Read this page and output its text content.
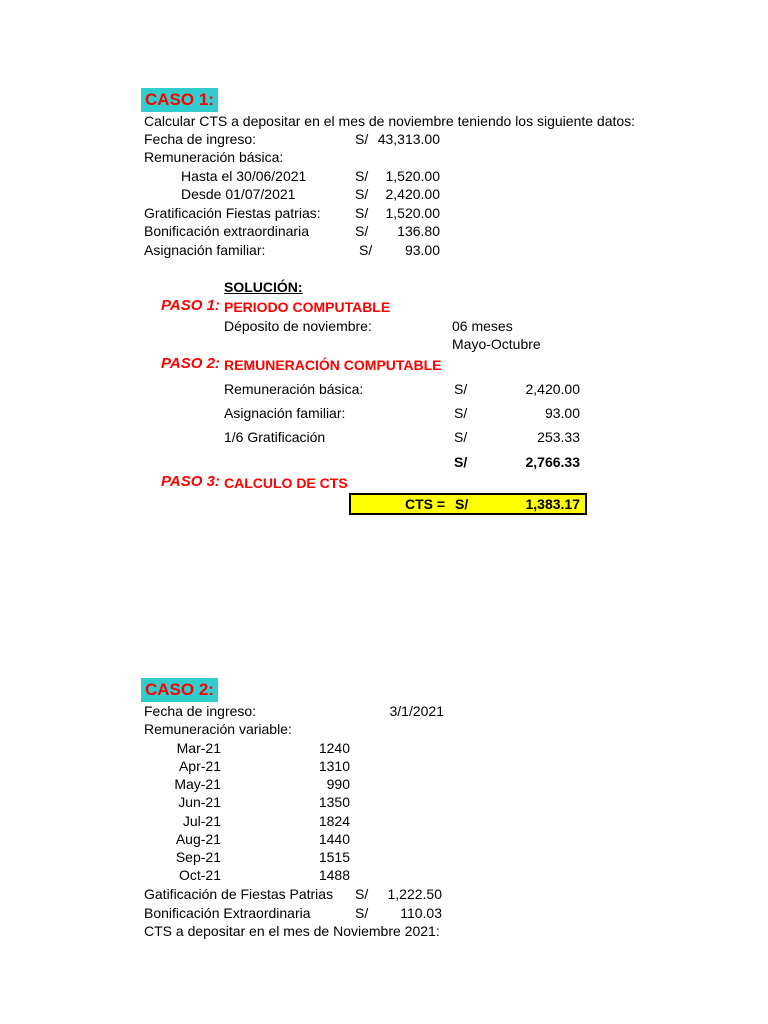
CASO 1:
Calcular CTS a depositar en el mes de noviembre teniendo los siguiente datos:
Fecha de ingreso:	S/ 43,313.00
Remuneración básica:
Hasta el 30/06/2021	S/	1,520.00
Desde 01/07/2021	S/	2,420.00
Gratificación Fiestas patrias: S/	1,520.00
Bonificación extraordinaria	S/	136.80
Asignación familiar:	S/	93.00
SOLUCIÓN:
PASO 1: PERIODO COMPUTABLE
Déposito de noviembre:	06 meses
Mayo-Octubre
PASO 2: REMUNERACIÓN COMPUTABLE
Remuneración básica:	S/	2,420.00
Asignación familiar:	S/	93.00
1/6 Gratificación	S/	253.33
S/	2,766.33
PASO 3: CALCULO DE CTS
CTS = S/	1,383.17
CASO 2:
Fecha de ingreso:	3/1/2021
Remuneración variable:
Mar-21	1240
Apr-21	1310
May-21	990
Jun-21	1350
Jul-21	1824
Aug-21	1440
Sep-21	1515
Oct-21	1488
Gatificación de Fiestas Patrias S/	1,222.50
Bonificación Extraordinaria	S/	110.03
CTS a depositar en el mes de Noviembre 2021:
